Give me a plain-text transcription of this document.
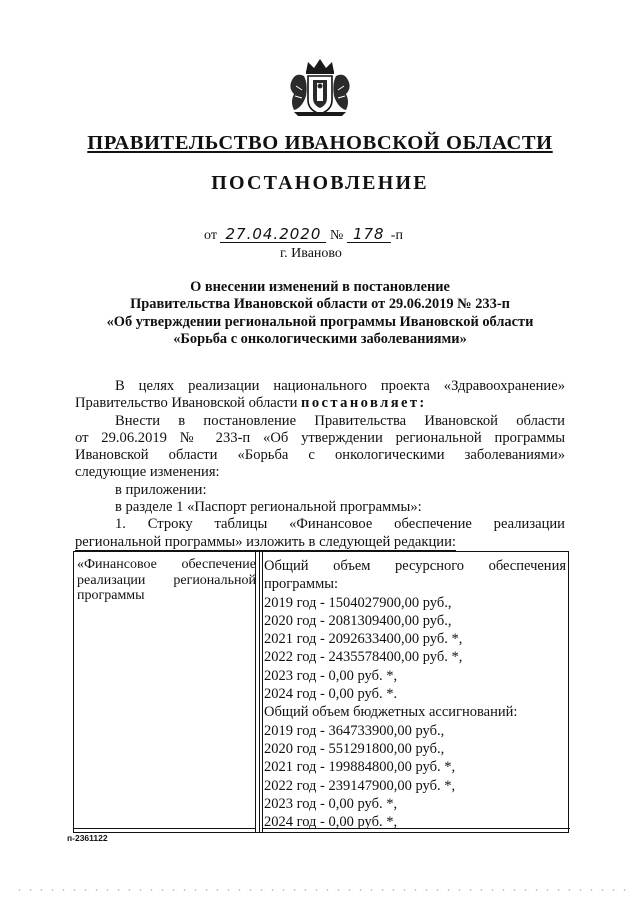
ПРАВИТЕЛЬСТВО ИВАНОВСКОЙ ОБЛАСТИ
ПОСТАНОВЛЕНИЕ
от 27.04.2020 № 178 -п
г. Иваново
О внесении изменений в постановление
Правительства Ивановской области от 29.06.2019 № 233-п
«Об утверждении региональной программы Ивановской области
«Борьба с онкологическими заболеваниями»
В целях реализации национального проекта «Здравоохранение»
Правительство Ивановской области постановляет:
Внести в постановление Правительства Ивановской области
от 29.06.2019 № 233-п «Об утверждении региональной программы
Ивановской области «Борьба с онкологическими заболеваниями»
следующие изменения:
в приложении:
в разделе 1 «Паспорт региональной программы»:
1. Строку таблицы «Финансовое обеспечение реализации
региональной программы» изложить в следующей редакции:
«Финансовое обеспечение
реализации региональной
программы
Общий объем ресурсного обеспечения
программы:
2019 год - 1504027900,00 руб.,
2020 год - 2081309400,00 руб.,
2021 год - 2092633400,00 руб. *,
2022 год - 2435578400,00 руб. *,
2023 год - 0,00 руб. *,
2024 год - 0,00 руб. *.
Общий объем бюджетных ассигнований:
2019 год - 364733900,00 руб.,
2020 год - 551291800,00 руб.,
2021 год - 199884800,00 руб. *,
2022 год - 239147900,00 руб. *,
2023 год - 0,00 руб. *,
2024 год - 0,00 руб. *,
п-2361122
